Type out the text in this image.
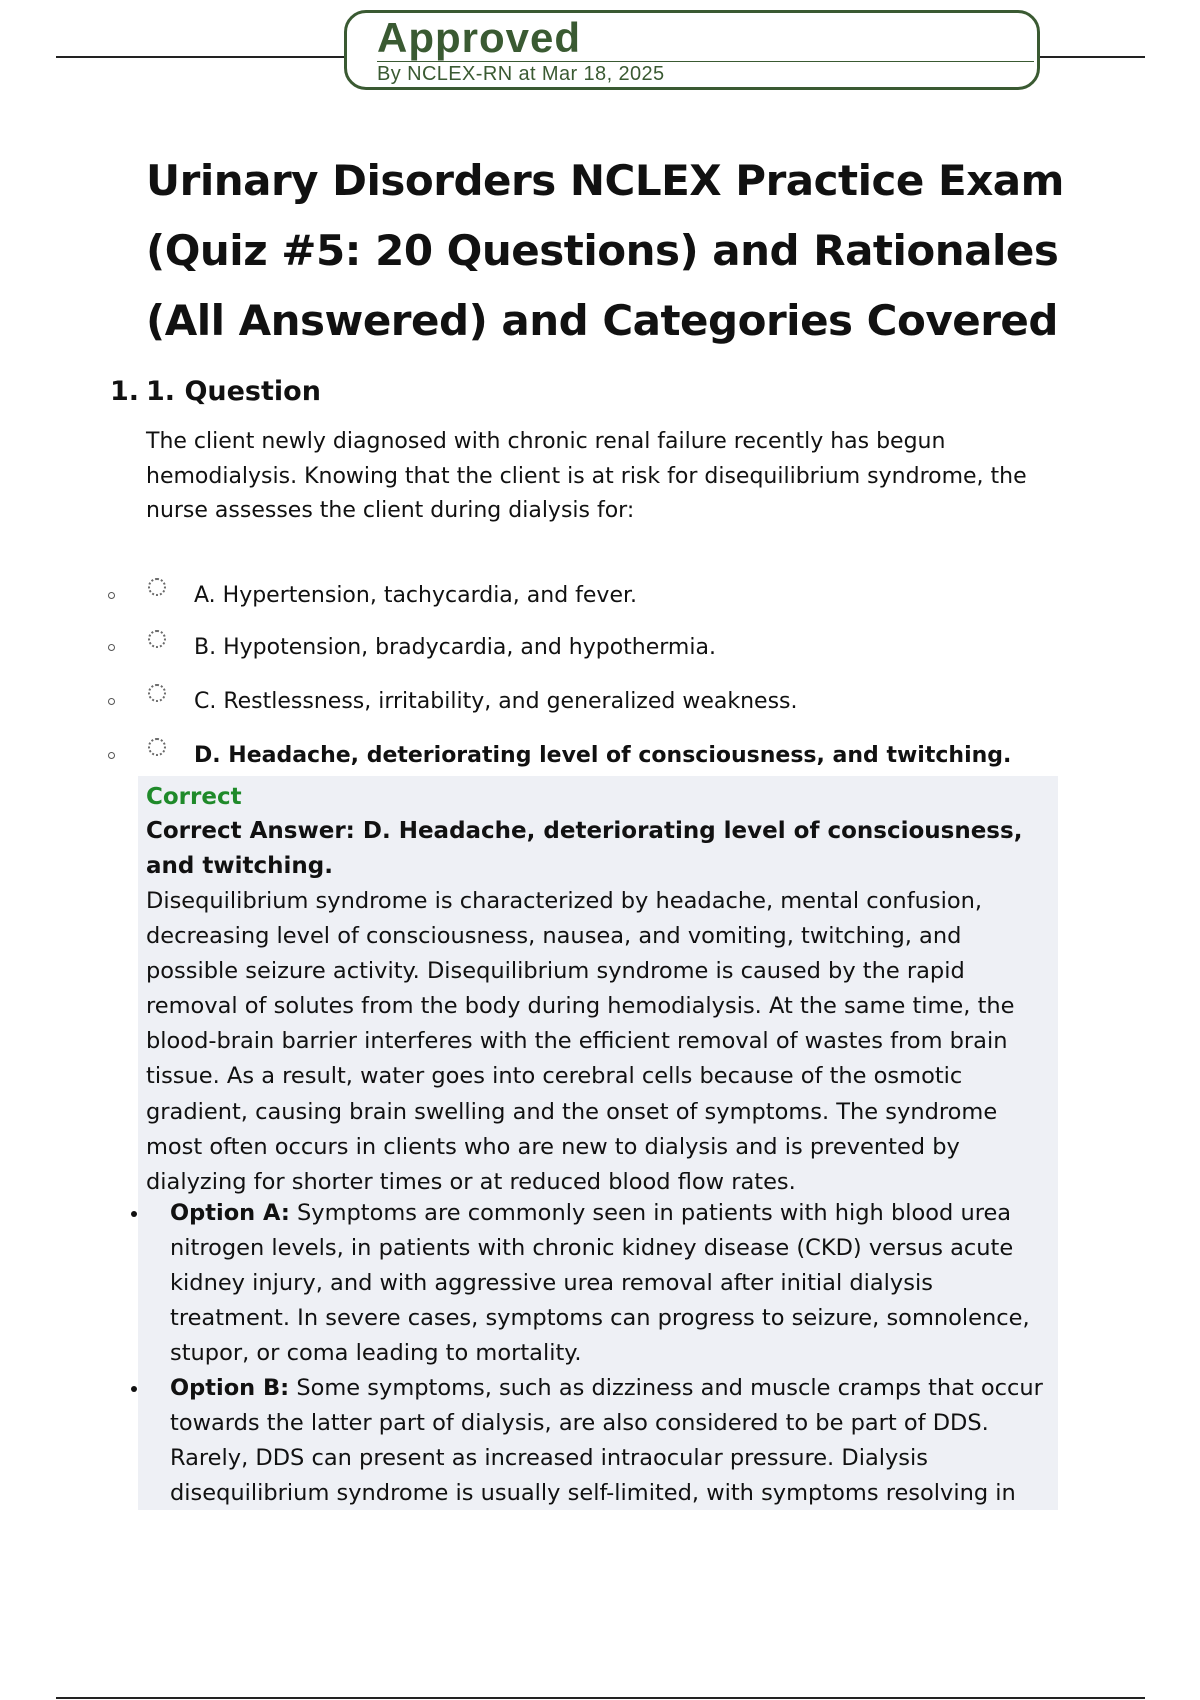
Approved
By NCLEX-RN at Mar 18, 2025
Urinary Disorders NCLEX Practice Exam (Quiz #5: 20 Questions) and Rationales (All Answered) and Categories Covered
1. 1. Question

The client newly diagnosed with chronic renal failure recently has begun hemodialysis. Knowing that the client is at risk for disequilibrium syndrome, the nurse assesses the client during dialysis for:

A. Hypertension, tachycardia, and fever.
B. Hypotension, bradycardia, and hypothermia.
C. Restlessness, irritability, and generalized weakness.
D. Headache, deteriorating level of consciousness, and twitching.
Correct

Correct Answer: D. Headache, deteriorating level of consciousness, and twitching.

Disequilibrium syndrome is characterized by headache, mental confusion, decreasing level of consciousness, nausea, and vomiting, twitching, and possible seizure activity. Disequilibrium syndrome is caused by the rapid removal of solutes from the body during hemodialysis. At the same time, the blood-brain barrier interferes with the efficient removal of wastes from brain tissue. As a result, water goes into cerebral cells because of the osmotic gradient, causing brain swelling and the onset of symptoms. The syndrome most often occurs in clients who are new to dialysis and is prevented by dialyzing for shorter times or at reduced blood flow rates.

Option A: Symptoms are commonly seen in patients with high blood urea nitrogen levels, in patients with chronic kidney disease (CKD) versus acute kidney injury, and with aggressive urea removal after initial dialysis treatment. In severe cases, symptoms can progress to seizure, somnolence, stupor, or coma leading to mortality.
Option B: Some symptoms, such as dizziness and muscle cramps that occur towards the latter part of dialysis, are also considered to be part of DDS. Rarely, DDS can present as increased intraocular pressure. Dialysis disequilibrium syndrome is usually self-limited, with symptoms resolving in
